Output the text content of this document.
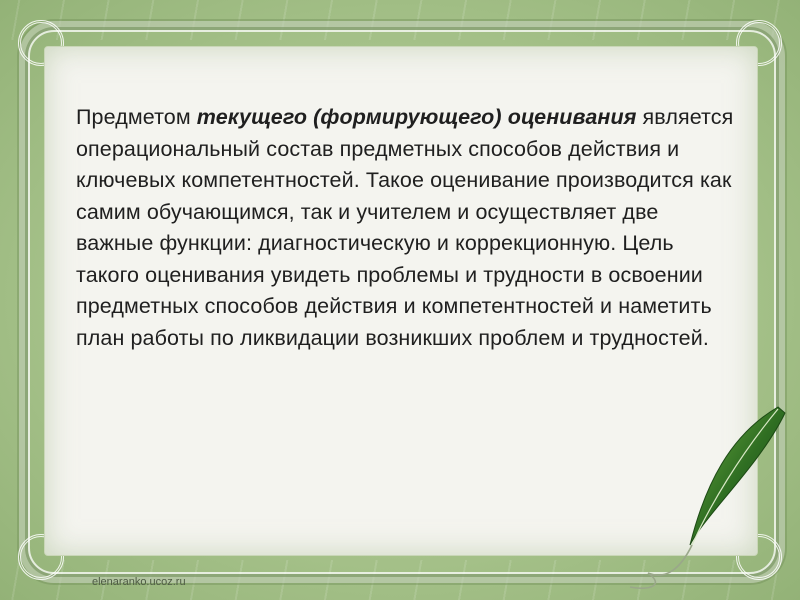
Предметом текущего (формирующего) оценивания является операциональный состав предметных способов действия и ключевых компетентностей. Такое оценивание производится как самим обучающимся, так и учителем и осуществляет две важные функции: диагностическую и коррекционную. Цель такого оценивания увидеть проблемы и трудности в освоении предметных способов действия и компетентностей и наметить план работы по ликвидации возникших проблем и трудностей.

elenaranko.ucoz.ru
